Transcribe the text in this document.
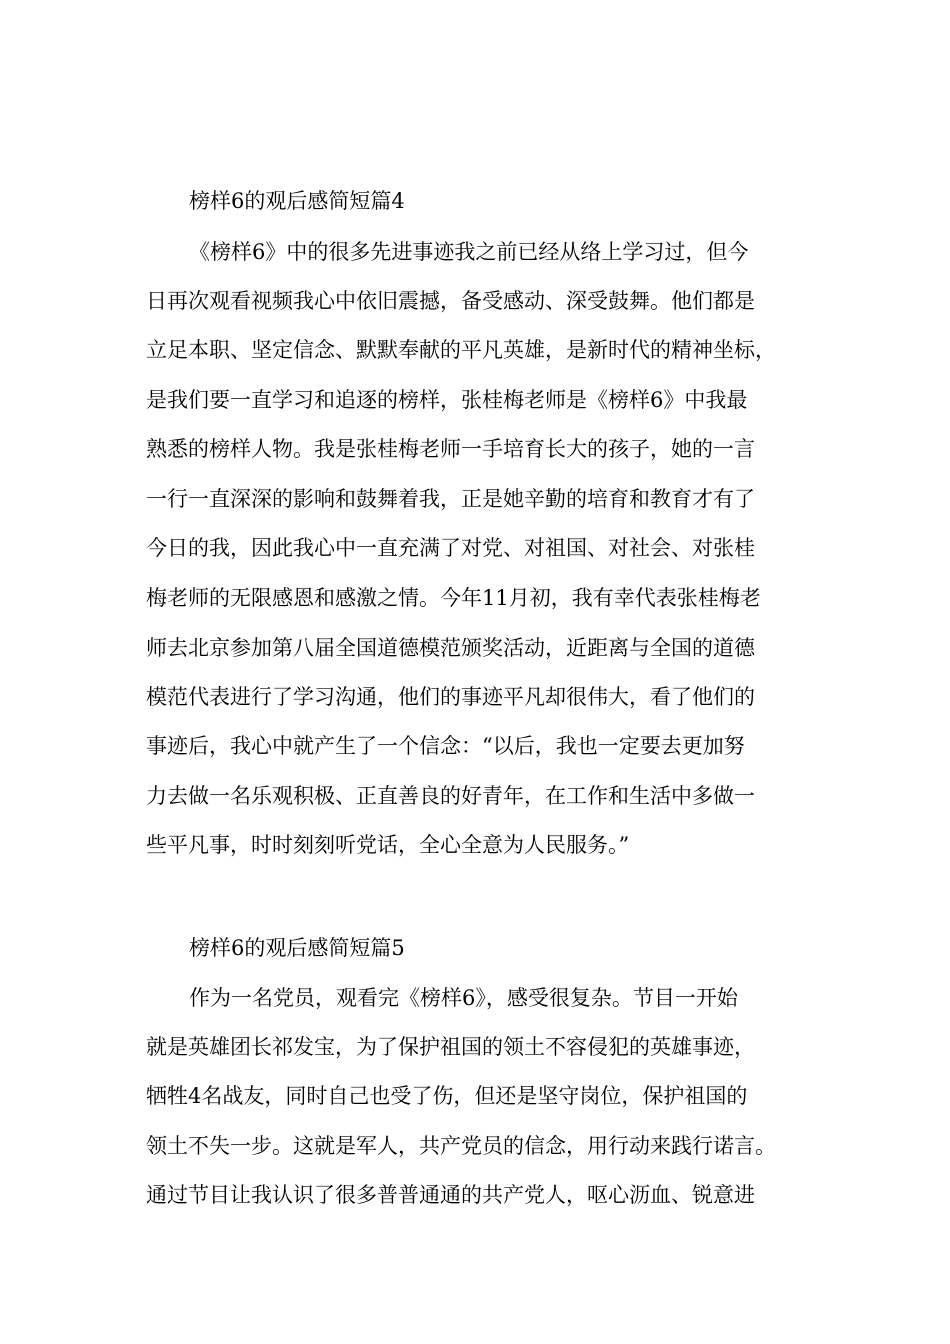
榜样6的观后感简短篇4
《榜样6》中的很多先进事迹我之前已经从络上学习过，但今
日再次观看视频我心中依旧震撼，备受感动、深受鼓舞。他们都是
立足本职、坚定信念、默默奉献的平凡英雄，是新时代的精神坐标，
是我们要一直学习和追逐的榜样，张桂梅老师是《榜样6》中我最
熟悉的榜样人物。我是张桂梅老师一手培育长大的孩子，她的一言
一行一直深深的影响和鼓舞着我，正是她辛勤的培育和教育才有了
今日的我，因此我心中一直充满了对党、对祖国、对社会、对张桂
梅老师的无限感恩和感激之情。今年11月初，我有幸代表张桂梅老
师去北京参加第八届全国道德模范颁奖活动，近距离与全国的道德
模范代表进行了学习沟通，他们的事迹平凡却很伟大，看了他们的
事迹后，我心中就产生了一个信念：“以后，我也一定要去更加努
力去做一名乐观积极、正直善良的好青年，在工作和生活中多做一
些平凡事，时时刻刻听党话，全心全意为人民服务。”
榜样6的观后感简短篇5
作为一名党员，观看完《榜样6》，感受很复杂。节目一开始
就是英雄团长祁发宝，为了保护祖国的领土不容侵犯的英雄事迹，
牺牲4名战友，同时自己也受了伤，但还是坚守岗位，保护祖国的
领土不失一步。这就是军人，共产党员的信念，用行动来践行诺言。
通过节目让我认识了很多普普通通的共产党人，呕心沥血、锐意进
